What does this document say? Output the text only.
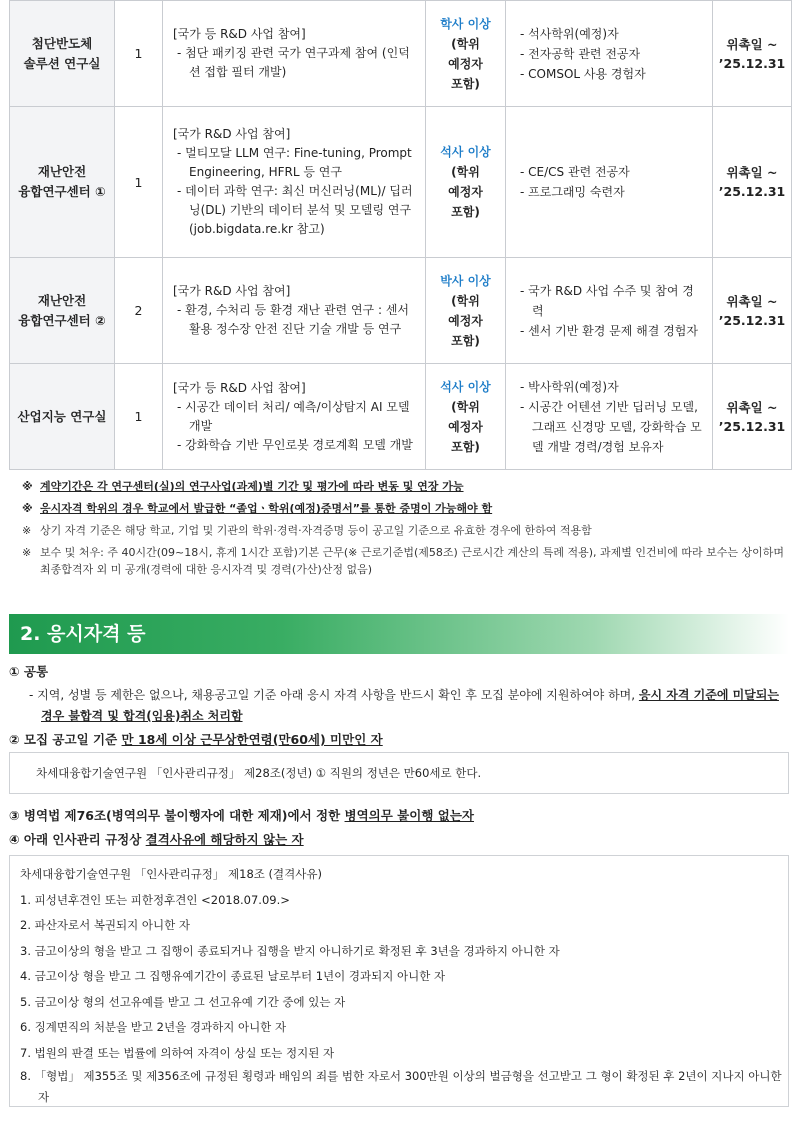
첨단반도체
솔루션 연구실	1	[국가 등 R&D 사업 참여]
- 첨단 패키징 관련 국가 연구과제 참여 (인덕션 접합 필터 개발)	학사 이상
(학위
예정자
포함)	- 석사학위(예정)자
- 전자공학 관련 전공자
- COMSOL 사용 경험자	위촉일 ~
’25.12.31

재난안전
융합연구센터 ①	1	[국가 R&D 사업 참여]
- 멀티모달 LLM 연구: Fine-tuning, Prompt Engineering, HFRL 등 연구
- 데이터 과학 연구: 최신 머신러닝(ML)/ 딥러닝(DL) 기반의 데이터 분석 및 모델링 연구 (job.bigdata.re.kr 참고)	석사 이상
(학위
예정자
포함)	- CE/CS 관련 전공자
- 프로그래밍 숙련자	위촉일 ~
’25.12.31

재난안전
융합연구센터 ②	2	[국가 R&D 사업 참여]
- 환경, 수처리 등 환경 재난 관련 연구 : 센서 활용 정수장 안전 진단 기술 개발 등 연구	박사 이상
(학위
예정자
포함)	- 국가 R&D 사업 수주 및 참여 경력
- 센서 기반 환경 문제 해결 경험자	위촉일 ~
’25.12.31

산업지능 연구실	1	[국가 등 R&D 사업 참여]
- 시공간 데이터 처리/ 예측/이상탐지 AI 모델 개발
- 강화학습 기반 무인로봇 경로계획 모델 개발	석사 이상
(학위
예정자
포함)	- 박사학위(예정)자
- 시공간 어텐션 기반 딥러닝 모델, 그래프 신경망 모델, 강화학습 모델 개발 경력/경험 보유자	위촉일 ~
’25.12.31
※ 계약기간은 각 연구센터(실)의 연구사업(과제)별 기간 및 평가에 따라 변동 및 연장 가능
※ 응시자격 학위의 경우 학교에서 발급한 “졸업ㆍ학위(예정)증명서”를 통한 증명이 가능해야 함
※ 상기 자격 기준은 해당 학교, 기업 및 기관의 학위·경력·자격증명 등이 공고일 기준으로 유효한 경우에 한하여 적용함
※ 보수 및 처우: 주 40시간(09~18시, 휴게 1시간 포함)기본 근무(※ 근로기준법(제58조) 근로시간 계산의 특례 적용), 과제별 인건비에 따라 보수는 상이하며 최종합격자 외 미 공개(경력에 대한 응시자격 및 경력(가산)산정 없음)
2. 응시자격 등
① 공통
- 지역, 성별 등 제한은 없으나, 채용공고일 기준 아래 응시 자격 사항을 반드시 확인 후 모집 분야에 지원하여야 하며, 응시 자격 기준에 미달되는 경우 불합격 및 합격(임용)취소 처리함
② 모집 공고일 기준 만 18세 이상 근무상한연령(만60세) 미만인 자
차세대융합기술연구원 「인사관리규정」 제28조(정년) ① 직원의 정년은 만60세로 한다.
③ 병역법 제76조(병역의무 불이행자에 대한 제재)에서 정한 병역의무 불이행 없는자
④ 아래 인사관리 규정상 결격사유에 해당하지 않는 자
차세대융합기술연구원 「인사관리규정」 제18조 (결격사유)
1. 피성년후견인 또는 피한정후견인 <2018.07.09.>
2. 파산자로서 복권되지 아니한 자
3. 금고이상의 형을 받고 그 집행이 종료되거나 집행을 받지 아니하기로 확정된 후 3년을 경과하지 아니한 자
4. 금고이상 형을 받고 그 집행유예기간이 종료된 날로부터 1년이 경과되지 아니한 자
5. 금고이상 형의 선고유예를 받고 그 선고유예 기간 중에 있는 자
6. 징계면직의 처분을 받고 2년을 경과하지 아니한 자
7. 법원의 판결 또는 법률에 의하여 자격이 상실 또는 정지된 자
8. 「형법」 제355조 및 제356조에 규정된 횡령과 배임의 죄를 범한 자로서 300만원 이상의 벌금형을 선고받고 그 형이 확정된 후 2년이 지나지 아니한 자
